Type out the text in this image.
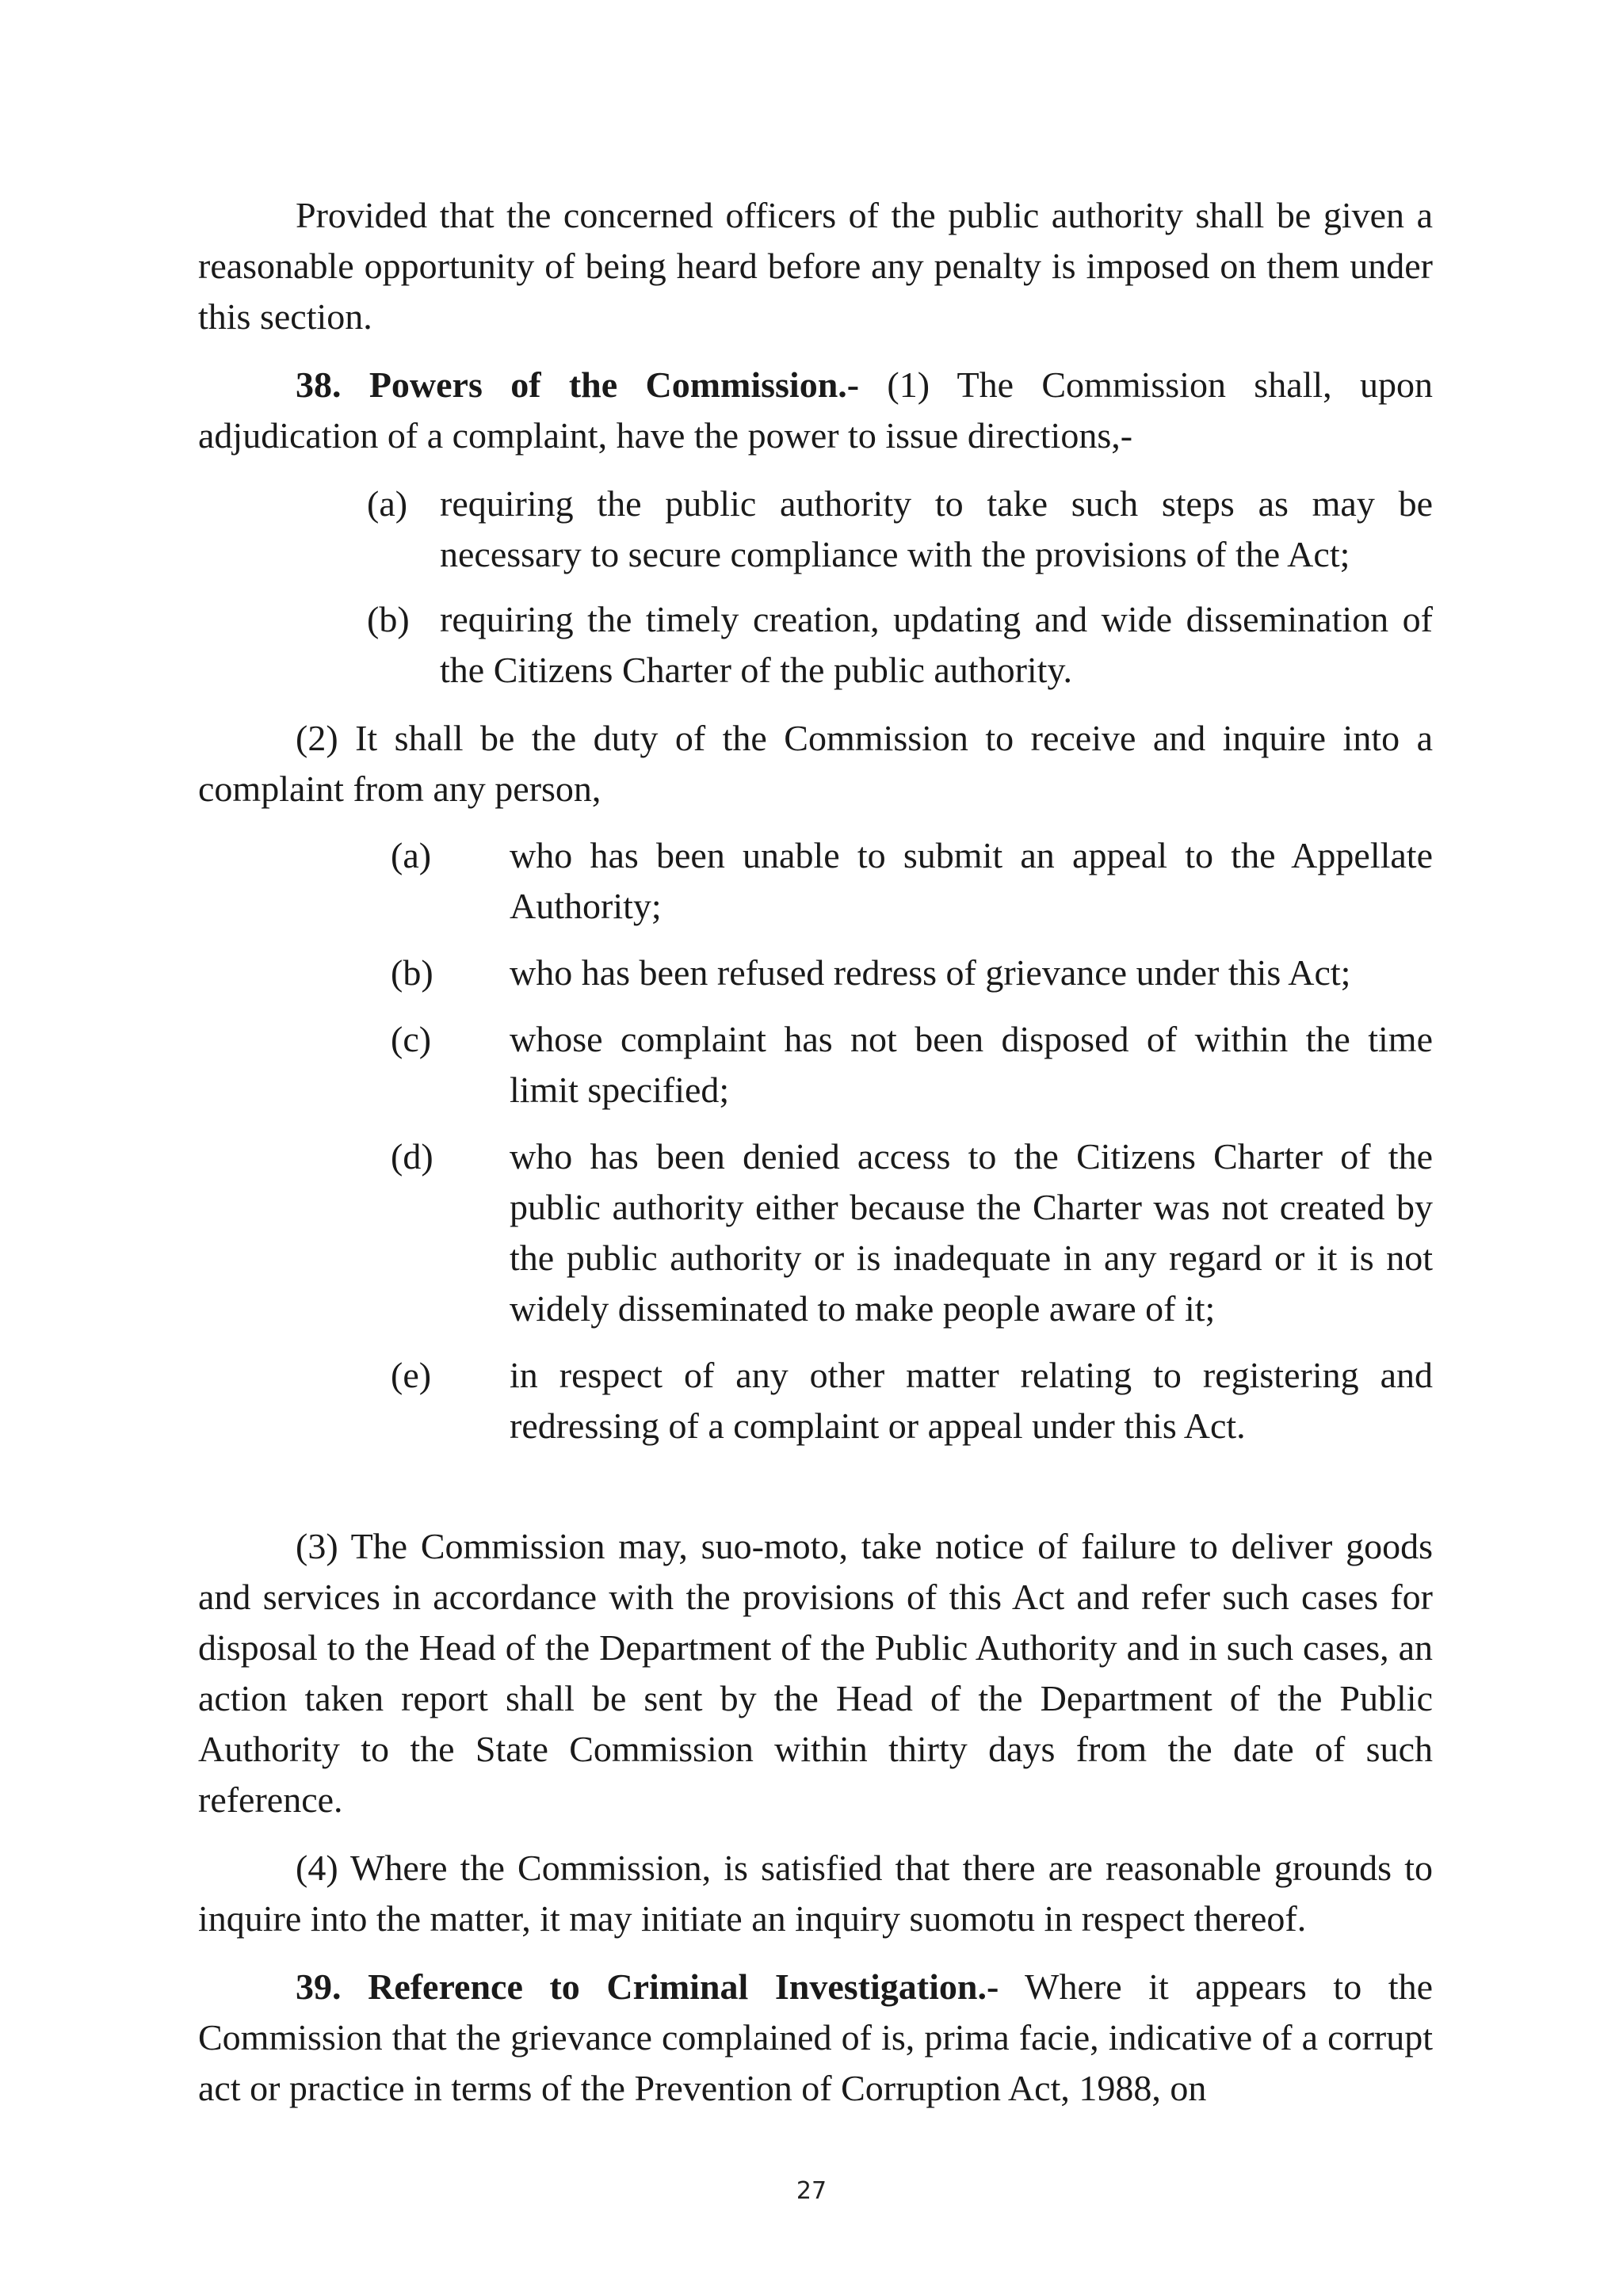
Provided that the concerned officers of the public authority shall be given a reasonable opportunity of being heard before any penalty is imposed on them under this section.

38. Powers of the Commission.- (1) The Commission shall, upon adjudication of a complaint, have the power to issue directions,-

(a) requiring the public authority to take such steps as may be necessary to secure compliance with the provisions of the Act;
(b) requiring the timely creation, updating and wide dissemination of the Citizens Charter of the public authority.

(2) It shall be the duty of the Commission to receive and inquire into a complaint from any person,

(a)	who has been unable to submit an appeal to the Appellate Authority;
(b)	who has been refused redress of grievance under this Act;
(c)	whose complaint has not been disposed of within the time limit specified;
(d)	who has been denied access to the Citizens Charter of the public authority either because the Charter was not created by the public authority or is inadequate in any regard or it is not widely disseminated to make people aware of it;
(e)	in respect of any other matter relating to registering and redressing of a complaint or appeal under this Act.

(3) The Commission may, suo-moto, take notice of failure to deliver goods and services in accordance with the provisions of this Act and refer such cases for disposal to the Head of the Department of the Public Authority and in such cases, an action taken report shall be sent by the Head of the Department of the Public Authority to the State Commission within thirty days from the date of such reference.

(4) Where the Commission, is satisfied that there are reasonable grounds to inquire into the matter, it may initiate an inquiry suomotu in respect thereof.

39. Reference to Criminal Investigation.- Where it appears to the Commission that the grievance complained of is, prima facie, indicative of a corrupt act or practice in terms of the Prevention of Corruption Act, 1988, on

27
